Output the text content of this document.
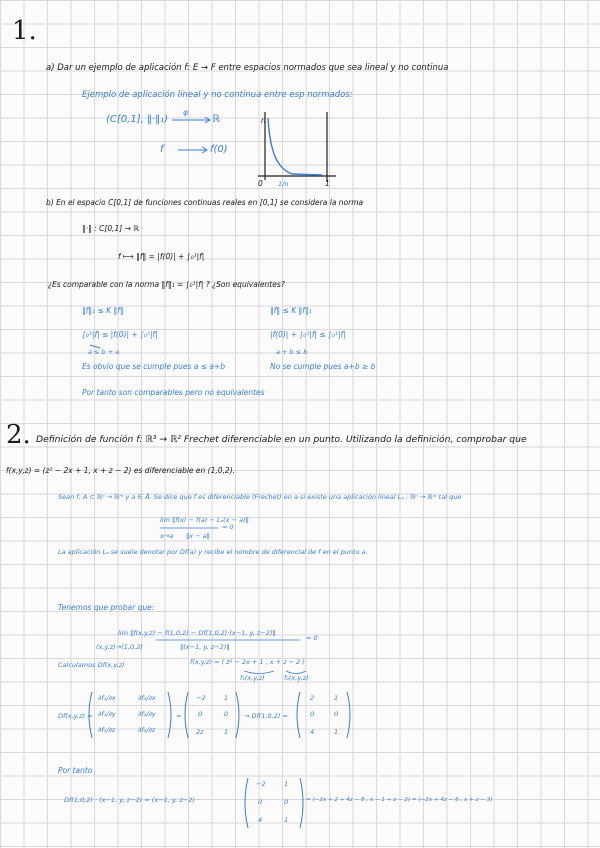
1.
a) Dar un ejemplo de aplicación f: E → F entre espacios normados que sea lineal y no continua
Ejemplo de aplicación lineal y no continua entre esp normados:
(C[0,1], ‖·‖₁)
φ
ℝ
f	f(0)
n
0 1/n	1
b) En el espacio C[0,1] de funciones continuas reales en [0,1] se considera la norma
‖·‖ : C[0,1] → ℝ
f ⟼ ‖f‖ = |f(0)| + ∫₀¹|f|
¿Es comparable con la norma ‖f‖₁ = ∫₀¹|f| ? ¿Son equivalentes?
‖f‖₁ ≤ K ‖f‖
∫₀¹|f| ≤ |f(0)| + ∫₀¹|f|
a ≤ b + a
Es obvio que se cumple pues a ≤ a+b
‖f‖ ≤ K ‖f‖₁
|f(0)| + ∫₀¹|f| ≤ ∫₀¹|f|
a + b ≤ b
No se cumple pues a+b ≥ b
Por tanto son comparables pero no equivalentes
2. Definición de función f: ℝ³ → ℝ² Frechet diferenciable en un punto. Utilizando la definición, comprobar que
f(x,y,z) = (z² − 2x + 1, x + z − 2) es diferenciable en (1,0,2).
Sean f: A ⊂ ℝⁿ → ℝᵐ y a ∈ Å. Se dice que f es diferenciable (Frechet) en a si existe una aplicación lineal Lₐ : ℝⁿ → ℝᵐ tal que
lim ‖f(x) − f(a) − Lₐ(x − a)‖
x→a ‖x − a‖
= 0
La aplicación Lₐ se suele denotar por Df(a) y recibe el nombre de diferencial de f en el punto a.
Tenemos que probar que:
lim ‖f(x,y,z) − f(1,0,2) − Df(1,0,2)·(x−1, y, z−2)‖
(x,y,z)→(1,0,2)	‖(x−1, y, z−2)‖
= 0
Calculamos Df(x,y,z)	f(x,y,z) = ( z² − 2x + 1 , x + z − 2 )
f₁(x,y,z)	f₂(x,y,z)
Df(x,y,z) =
∂f₁/∂x	∂f₂/∂x
∂f₁/∂y	∂f₂/∂y
∂f₁/∂z	∂f₂/∂z
=
−2	1
0	0
2z	1
→ Df(1,0,2) =
2	1
0	0
4	1
Por tanto
Df(1,0,2) · (x−1, y, z−2) = (x−1, y, z−2) ·
−2	1
0	0
4	1
= (−2x + 2 + 4z − 8 , x − 1 + z − 2) = (−2x + 4z − 6 , x + z − 3)
